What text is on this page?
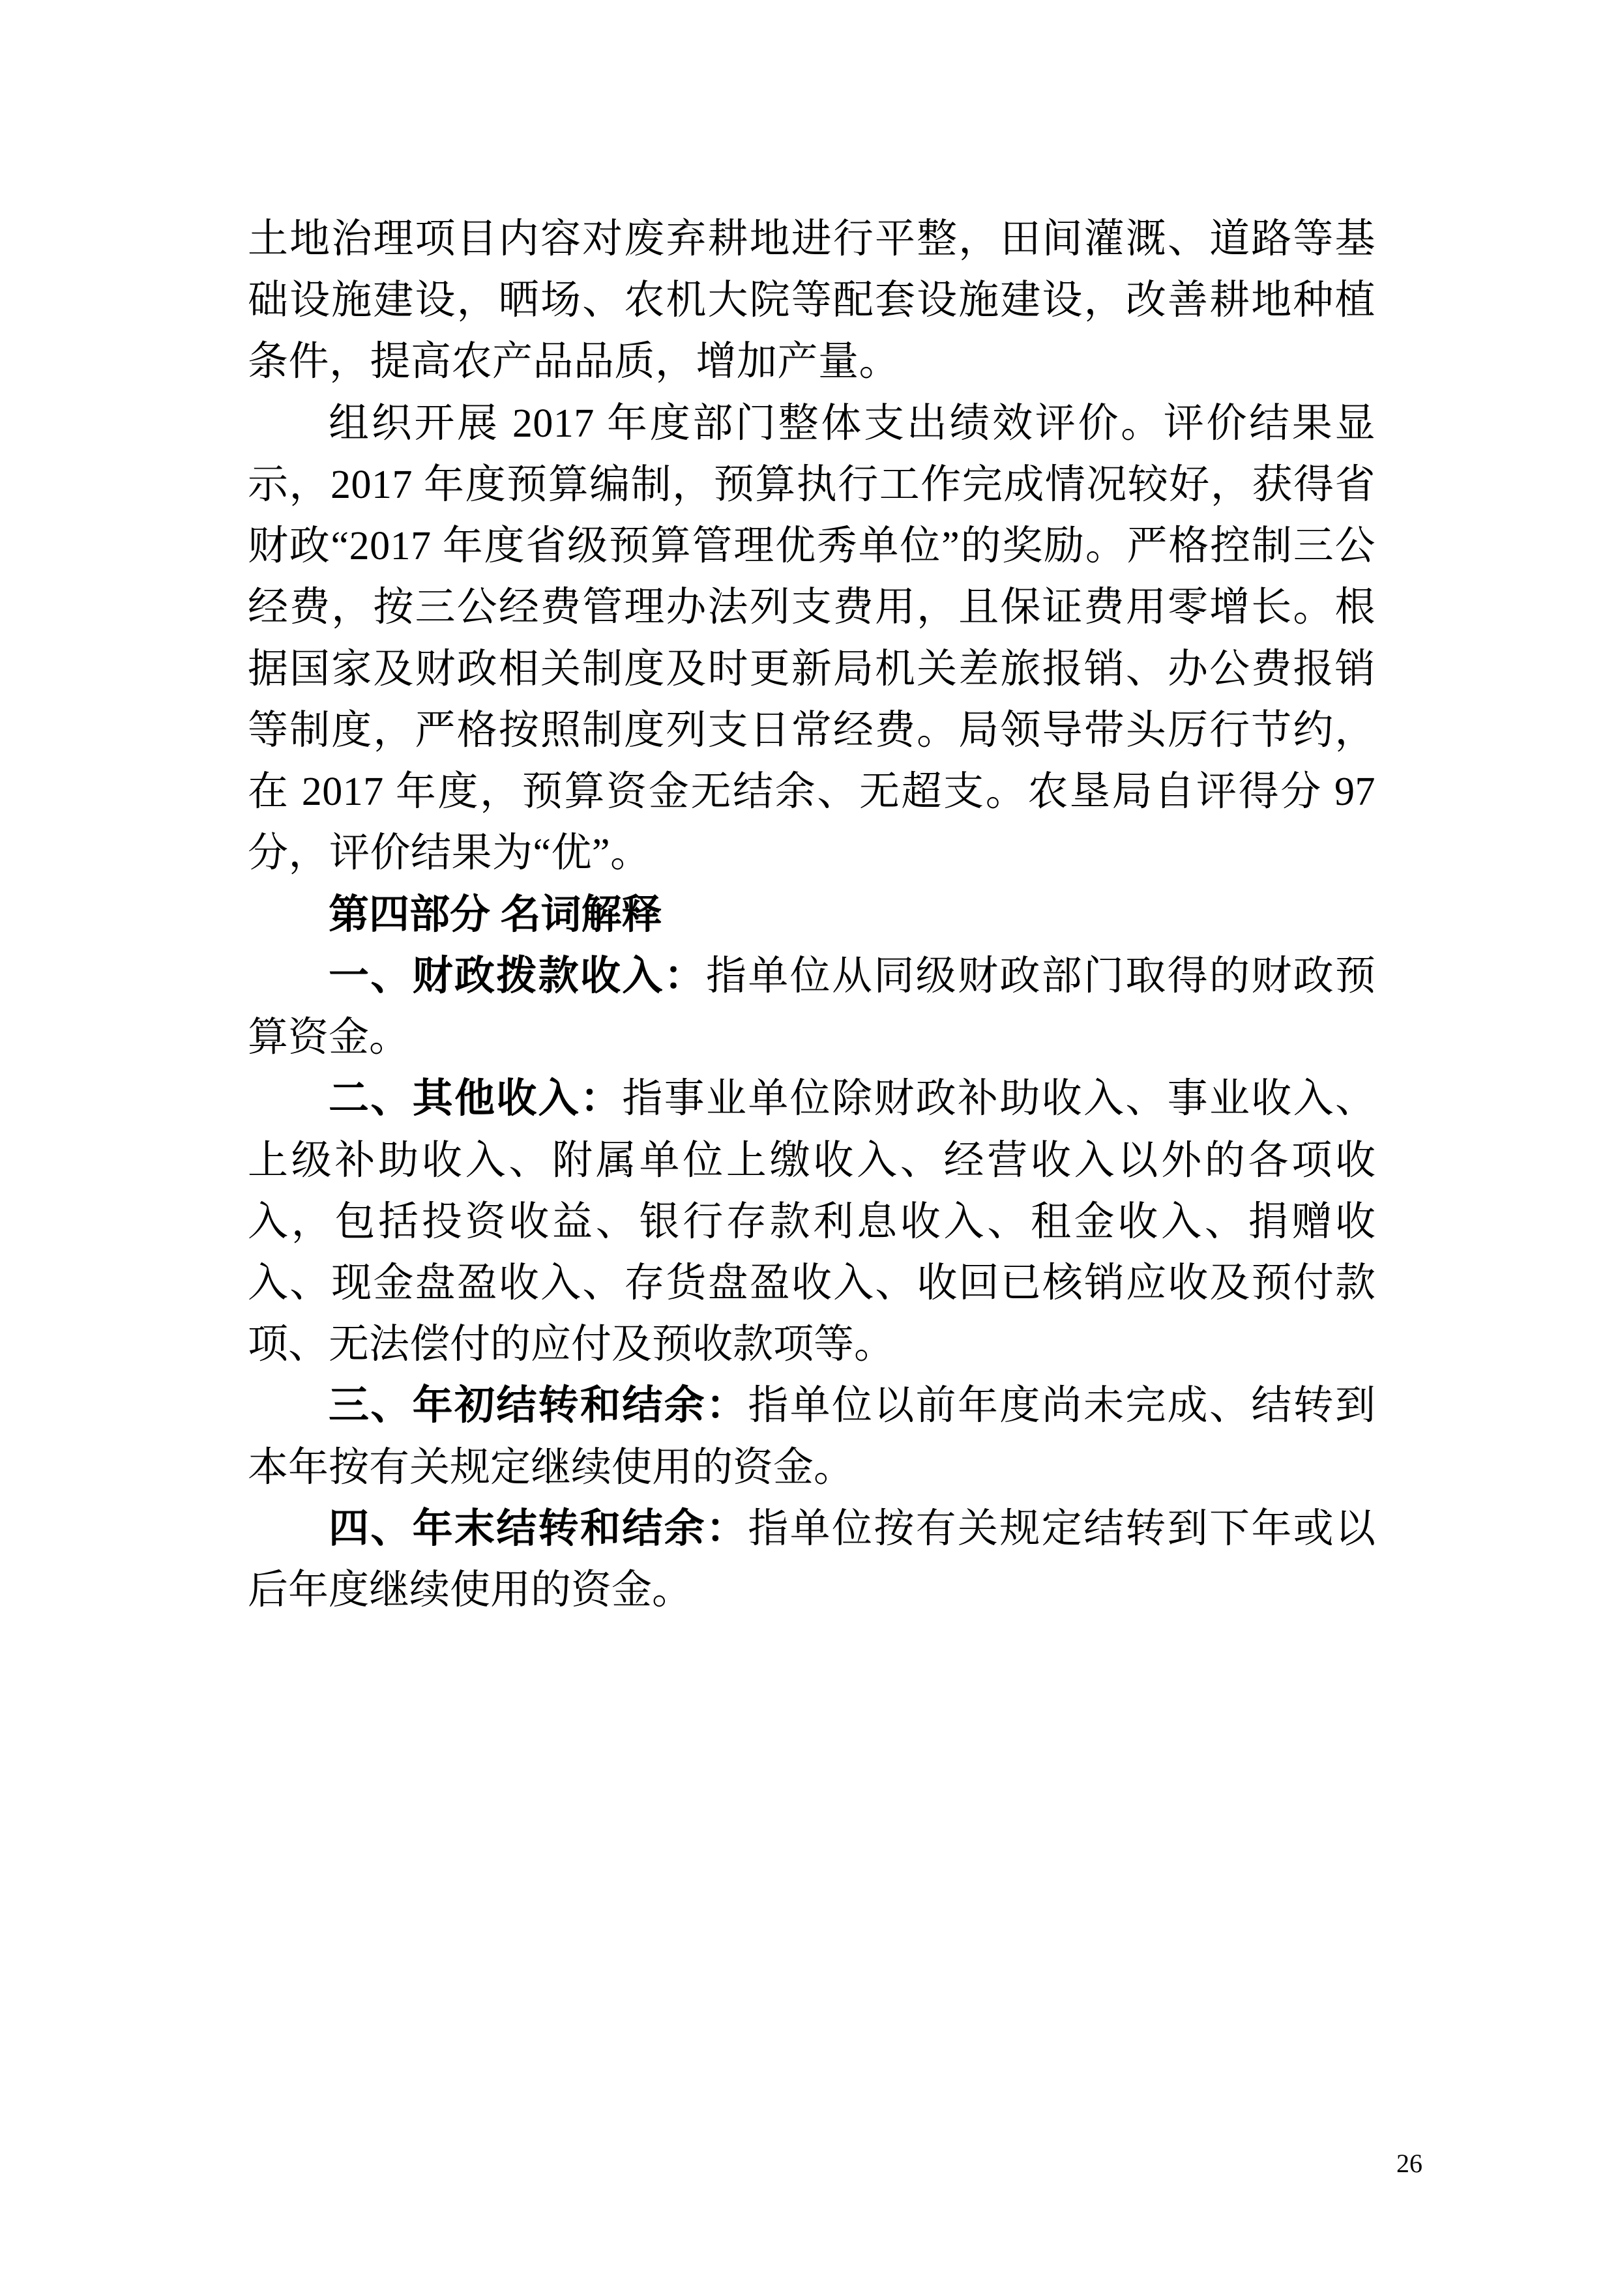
土地治理项目内容对废弃耕地进行平整，田间灌溉、道路等基础设施建设，晒场、农机大院等配套设施建设，改善耕地种植条件，提高农产品品质，增加产量。

组织开展 2017 年度部门整体支出绩效评价。评价结果显示，2017 年度预算编制，预算执行工作完成情况较好，获得省财政“2017 年度省级预算管理优秀单位”的奖励。严格控制三公经费，按三公经费管理办法列支费用，且保证费用零增长。根据国家及财政相关制度及时更新局机关差旅报销、办公费报销等制度，严格按照制度列支日常经费。局领导带头厉行节约，在 2017 年度，预算资金无结余、无超支。农垦局自评得分 97 分，评价结果为“优”。

第四部分 名词解释

一、财政拨款收入：指单位从同级财政部门取得的财政预算资金。

二、其他收入：指事业单位除财政补助收入、事业收入、上级补助收入、附属单位上缴收入、经营收入以外的各项收入，包括投资收益、银行存款利息收入、租金收入、捐赠收入、现金盘盈收入、存货盘盈收入、收回已核销应收及预付款项、无法偿付的应付及预收款项等。

三、年初结转和结余：指单位以前年度尚未完成、结转到本年按有关规定继续使用的资金。

四、年末结转和结余：指单位按有关规定结转到下年或以后年度继续使用的资金。

26
